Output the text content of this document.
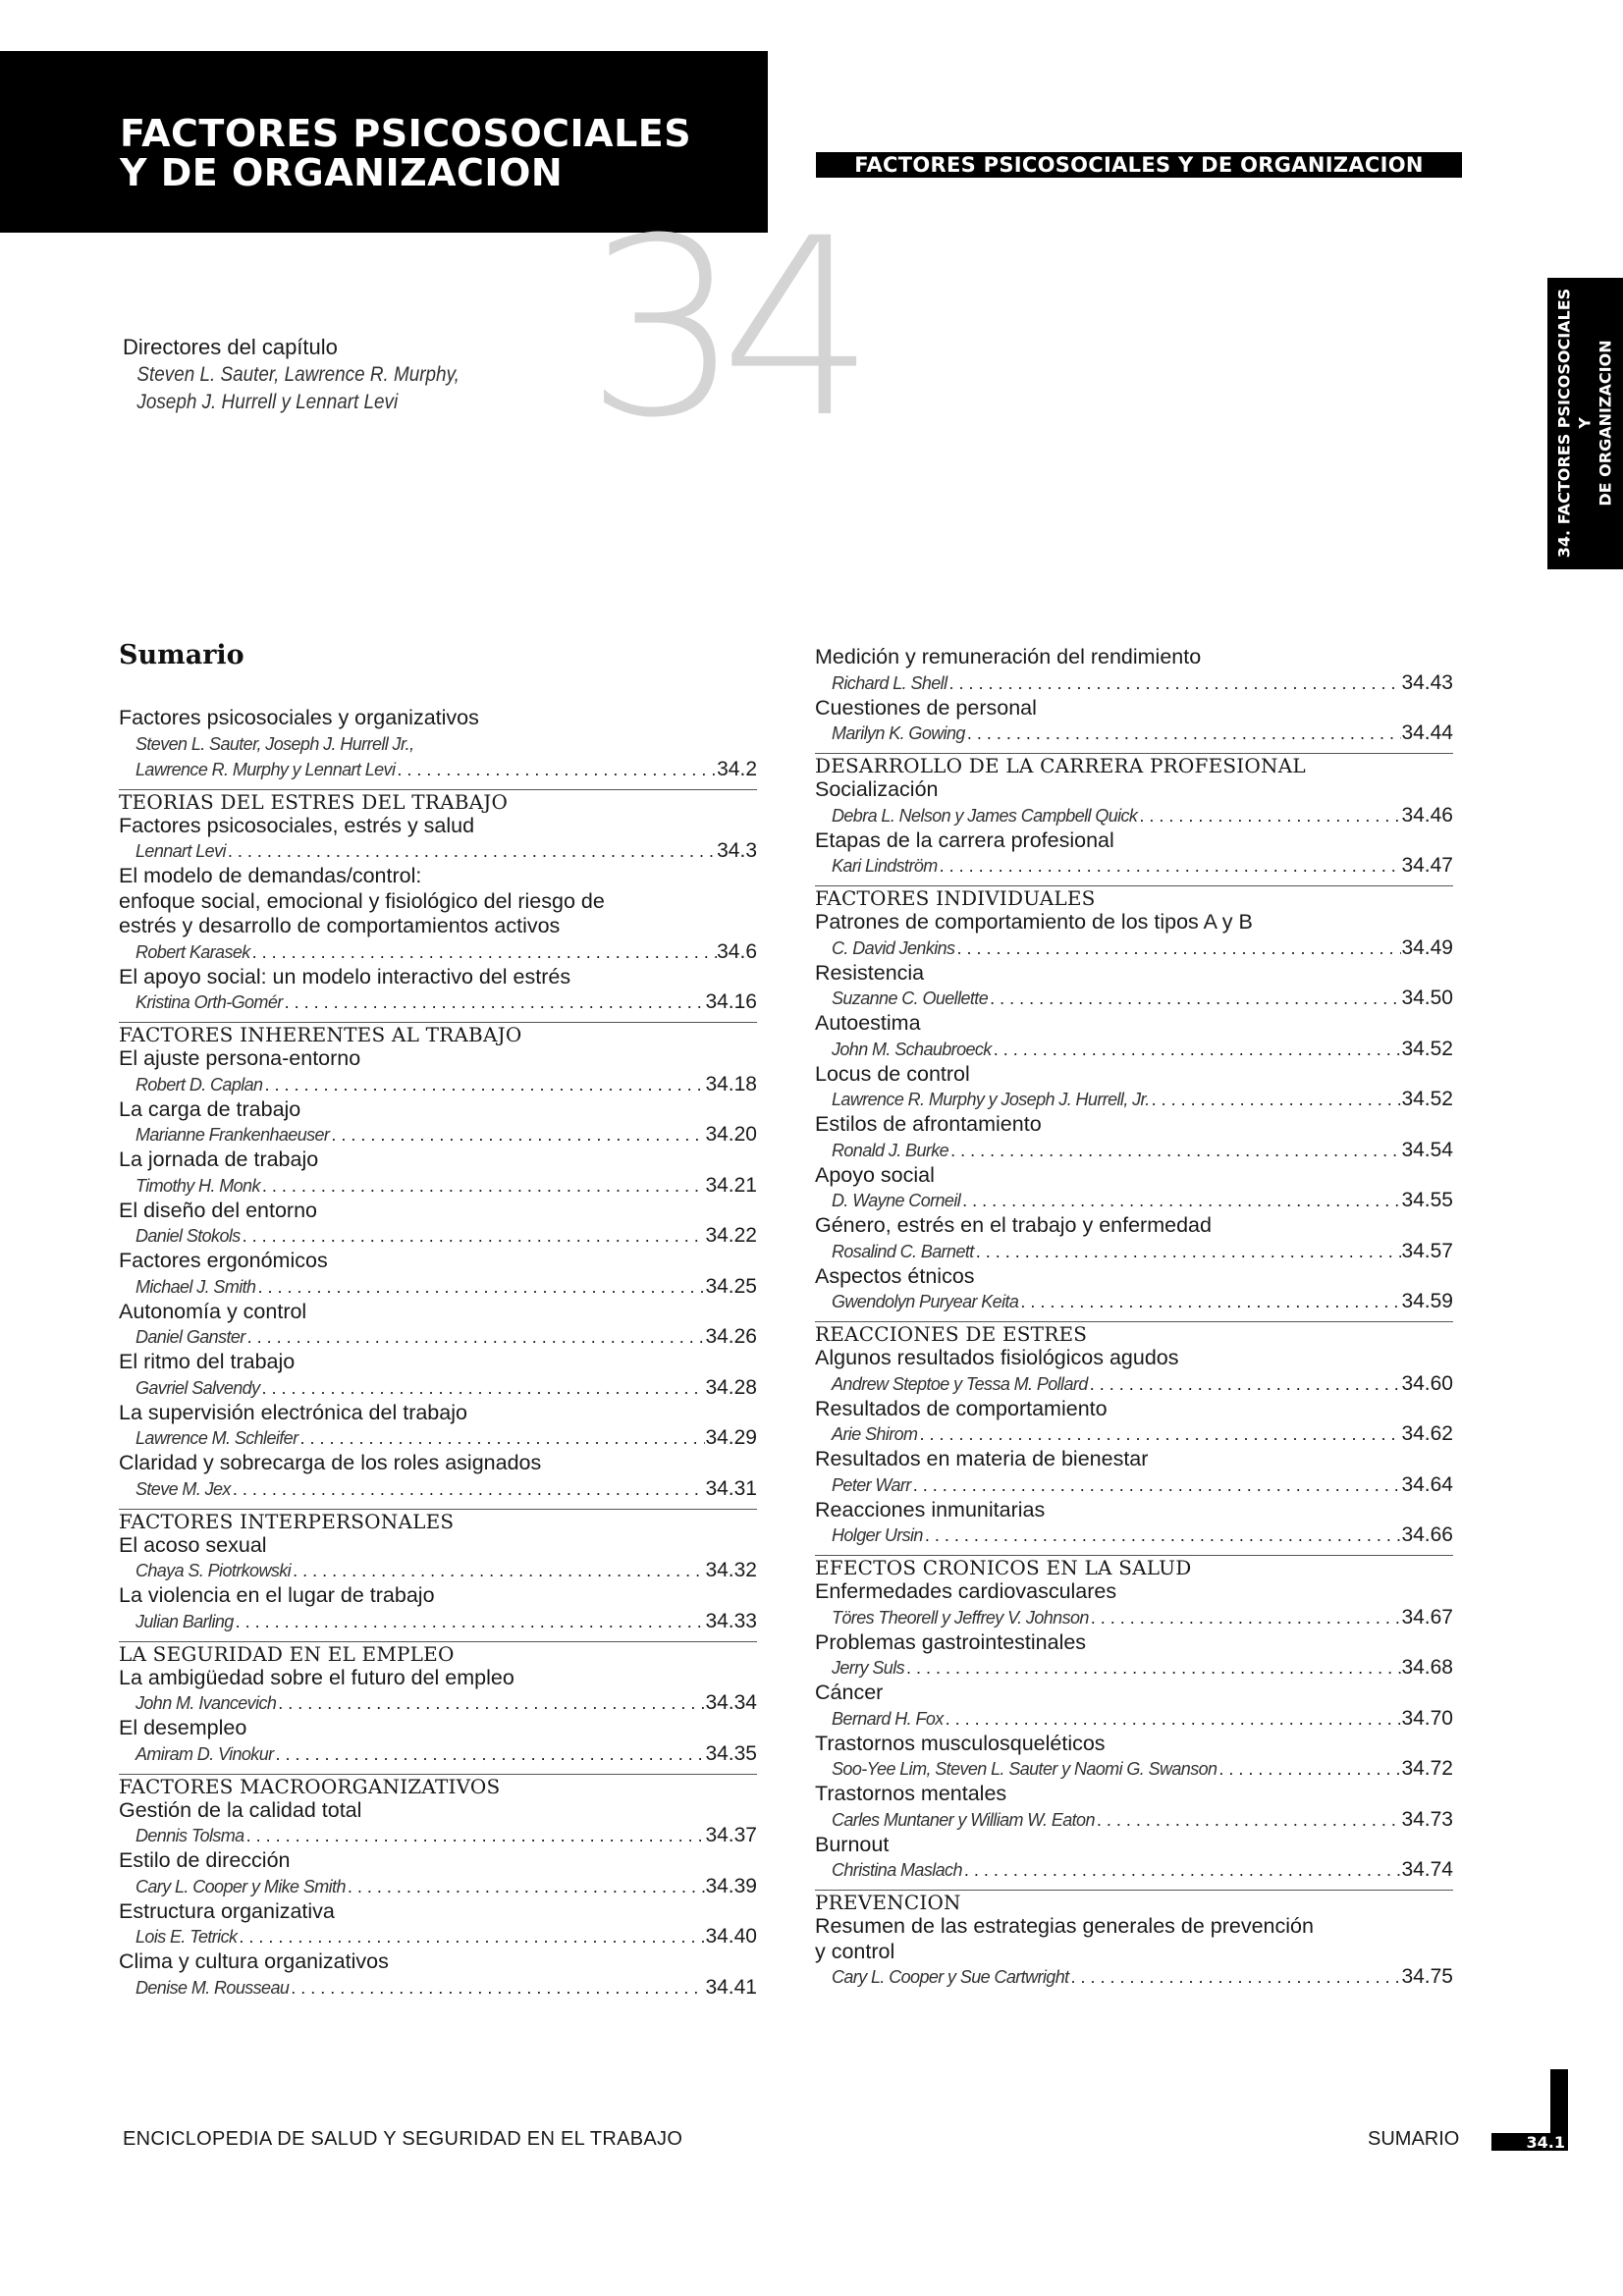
FACTORES PSICOSOCIALES
Y DE ORGANIZACION	FACTORES PSICOSOCIALES Y DE ORGANIZACION
34	34. FACTORES PSICOSOCIALES Y DE ORGANIZACION
Directores del capítulo
Steven L. Sauter, Lawrence R. Murphy,
Joseph J. Hurrell y Lennart Levi
Sumario
Factores psicosociales y organizativos
Steven L. Sauter, Joseph J. Hurrell Jr.,
Lawrence R. Murphy y Lennart Levi . . .	34.2
TEORIAS DEL ESTRES DEL TRABAJO
Factores psicosociales, estrés y salud
Lennart Levi . . .	34.3
El modelo de demandas/control:
enfoque social, emocional y fisiológico del riesgo de
estrés y desarrollo de comportamientos activos
Robert Karasek . . .	34.6
El apoyo social: un modelo interactivo del estrés
Kristina Orth-Gomér . . .	34.16
FACTORES INHERENTES AL TRABAJO
El ajuste persona-entorno
Robert D. Caplan . . .	34.18
La carga de trabajo
Marianne Frankenhaeuser . . .	34.20
La jornada de trabajo
Timothy H. Monk . . .	34.21
El diseño del entorno
Daniel Stokols . . .	34.22
Factores ergonómicos
Michael J. Smith . . .	34.25
Autonomía y control
Daniel Ganster . . .	34.26
El ritmo del trabajo
Gavriel Salvendy . . .	34.28
La supervisión electrónica del trabajo
Lawrence M. Schleifer . . .	34.29
Claridad y sobrecarga de los roles asignados
Steve M. Jex . . .	34.31
FACTORES INTERPERSONALES
El acoso sexual
Chaya S. Piotrkowski . . .	34.32
La violencia en el lugar de trabajo
Julian Barling . . .	34.33
LA SEGURIDAD EN EL EMPLEO
La ambigüedad sobre el futuro del empleo
John M. Ivancevich . . .	34.34
El desempleo
Amiram D. Vinokur . . .	34.35
FACTORES MACROORGANIZATIVOS
Gestión de la calidad total
Dennis Tolsma . . .	34.37
Estilo de dirección
Cary L. Cooper y Mike Smith . . .	34.39
Estructura organizativa
Lois E. Tetrick . . .	34.40
Clima y cultura organizativos
Denise M. Rousseau . . .	34.41
Medición y remuneración del rendimiento
Richard L. Shell . . .	34.43
Cuestiones de personal
Marilyn K. Gowing . . .	34.44
DESARROLLO DE LA CARRERA PROFESIONAL
Socialización
Debra L. Nelson y James Campbell Quick . . .	34.46
Etapas de la carrera profesional
Kari Lindström . . .	34.47
FACTORES INDIVIDUALES
Patrones de comportamiento de los tipos A y B
C. David Jenkins . . .	34.49
Resistencia
Suzanne C. Ouellette . . .	34.50
Autoestima
John M. Schaubroeck . . .	34.52
Locus de control
Lawrence R. Murphy y Joseph J. Hurrell, Jr. . . .	34.52
Estilos de afrontamiento
Ronald J. Burke . . .	34.54
Apoyo social
D. Wayne Corneil . . .	34.55
Género, estrés en el trabajo y enfermedad
Rosalind C. Barnett . . .	34.57
Aspectos étnicos
Gwendolyn Puryear Keita . . .	34.59
REACCIONES DE ESTRES
Algunos resultados fisiológicos agudos
Andrew Steptoe y Tessa M. Pollard . . .	34.60
Resultados de comportamiento
Arie Shirom . . .	34.62
Resultados en materia de bienestar
Peter Warr . . .	34.64
Reacciones inmunitarias
Holger Ursin . . .	34.66
EFECTOS CRONICOS EN LA SALUD
Enfermedades cardiovasculares
Töres Theorell y Jeffrey V. Johnson . . .	34.67
Problemas gastrointestinales
Jerry Suls . . .	34.68
Cáncer
Bernard H. Fox . . .	34.70
Trastornos musculosqueléticos
Soo-Yee Lim, Steven L. Sauter y Naomi G. Swanson . . .	34.72
Trastornos mentales
Carles Muntaner y William W. Eaton . . .	34.73
Burnout
Christina Maslach . . .	34.74
PREVENCION
Resumen de las estrategias generales de prevención
y control
Cary L. Cooper y Sue Cartwright . . .	34.75
ENCICLOPEDIA DE SALUD Y SEGURIDAD EN EL TRABAJO	SUMARIO	34.1
